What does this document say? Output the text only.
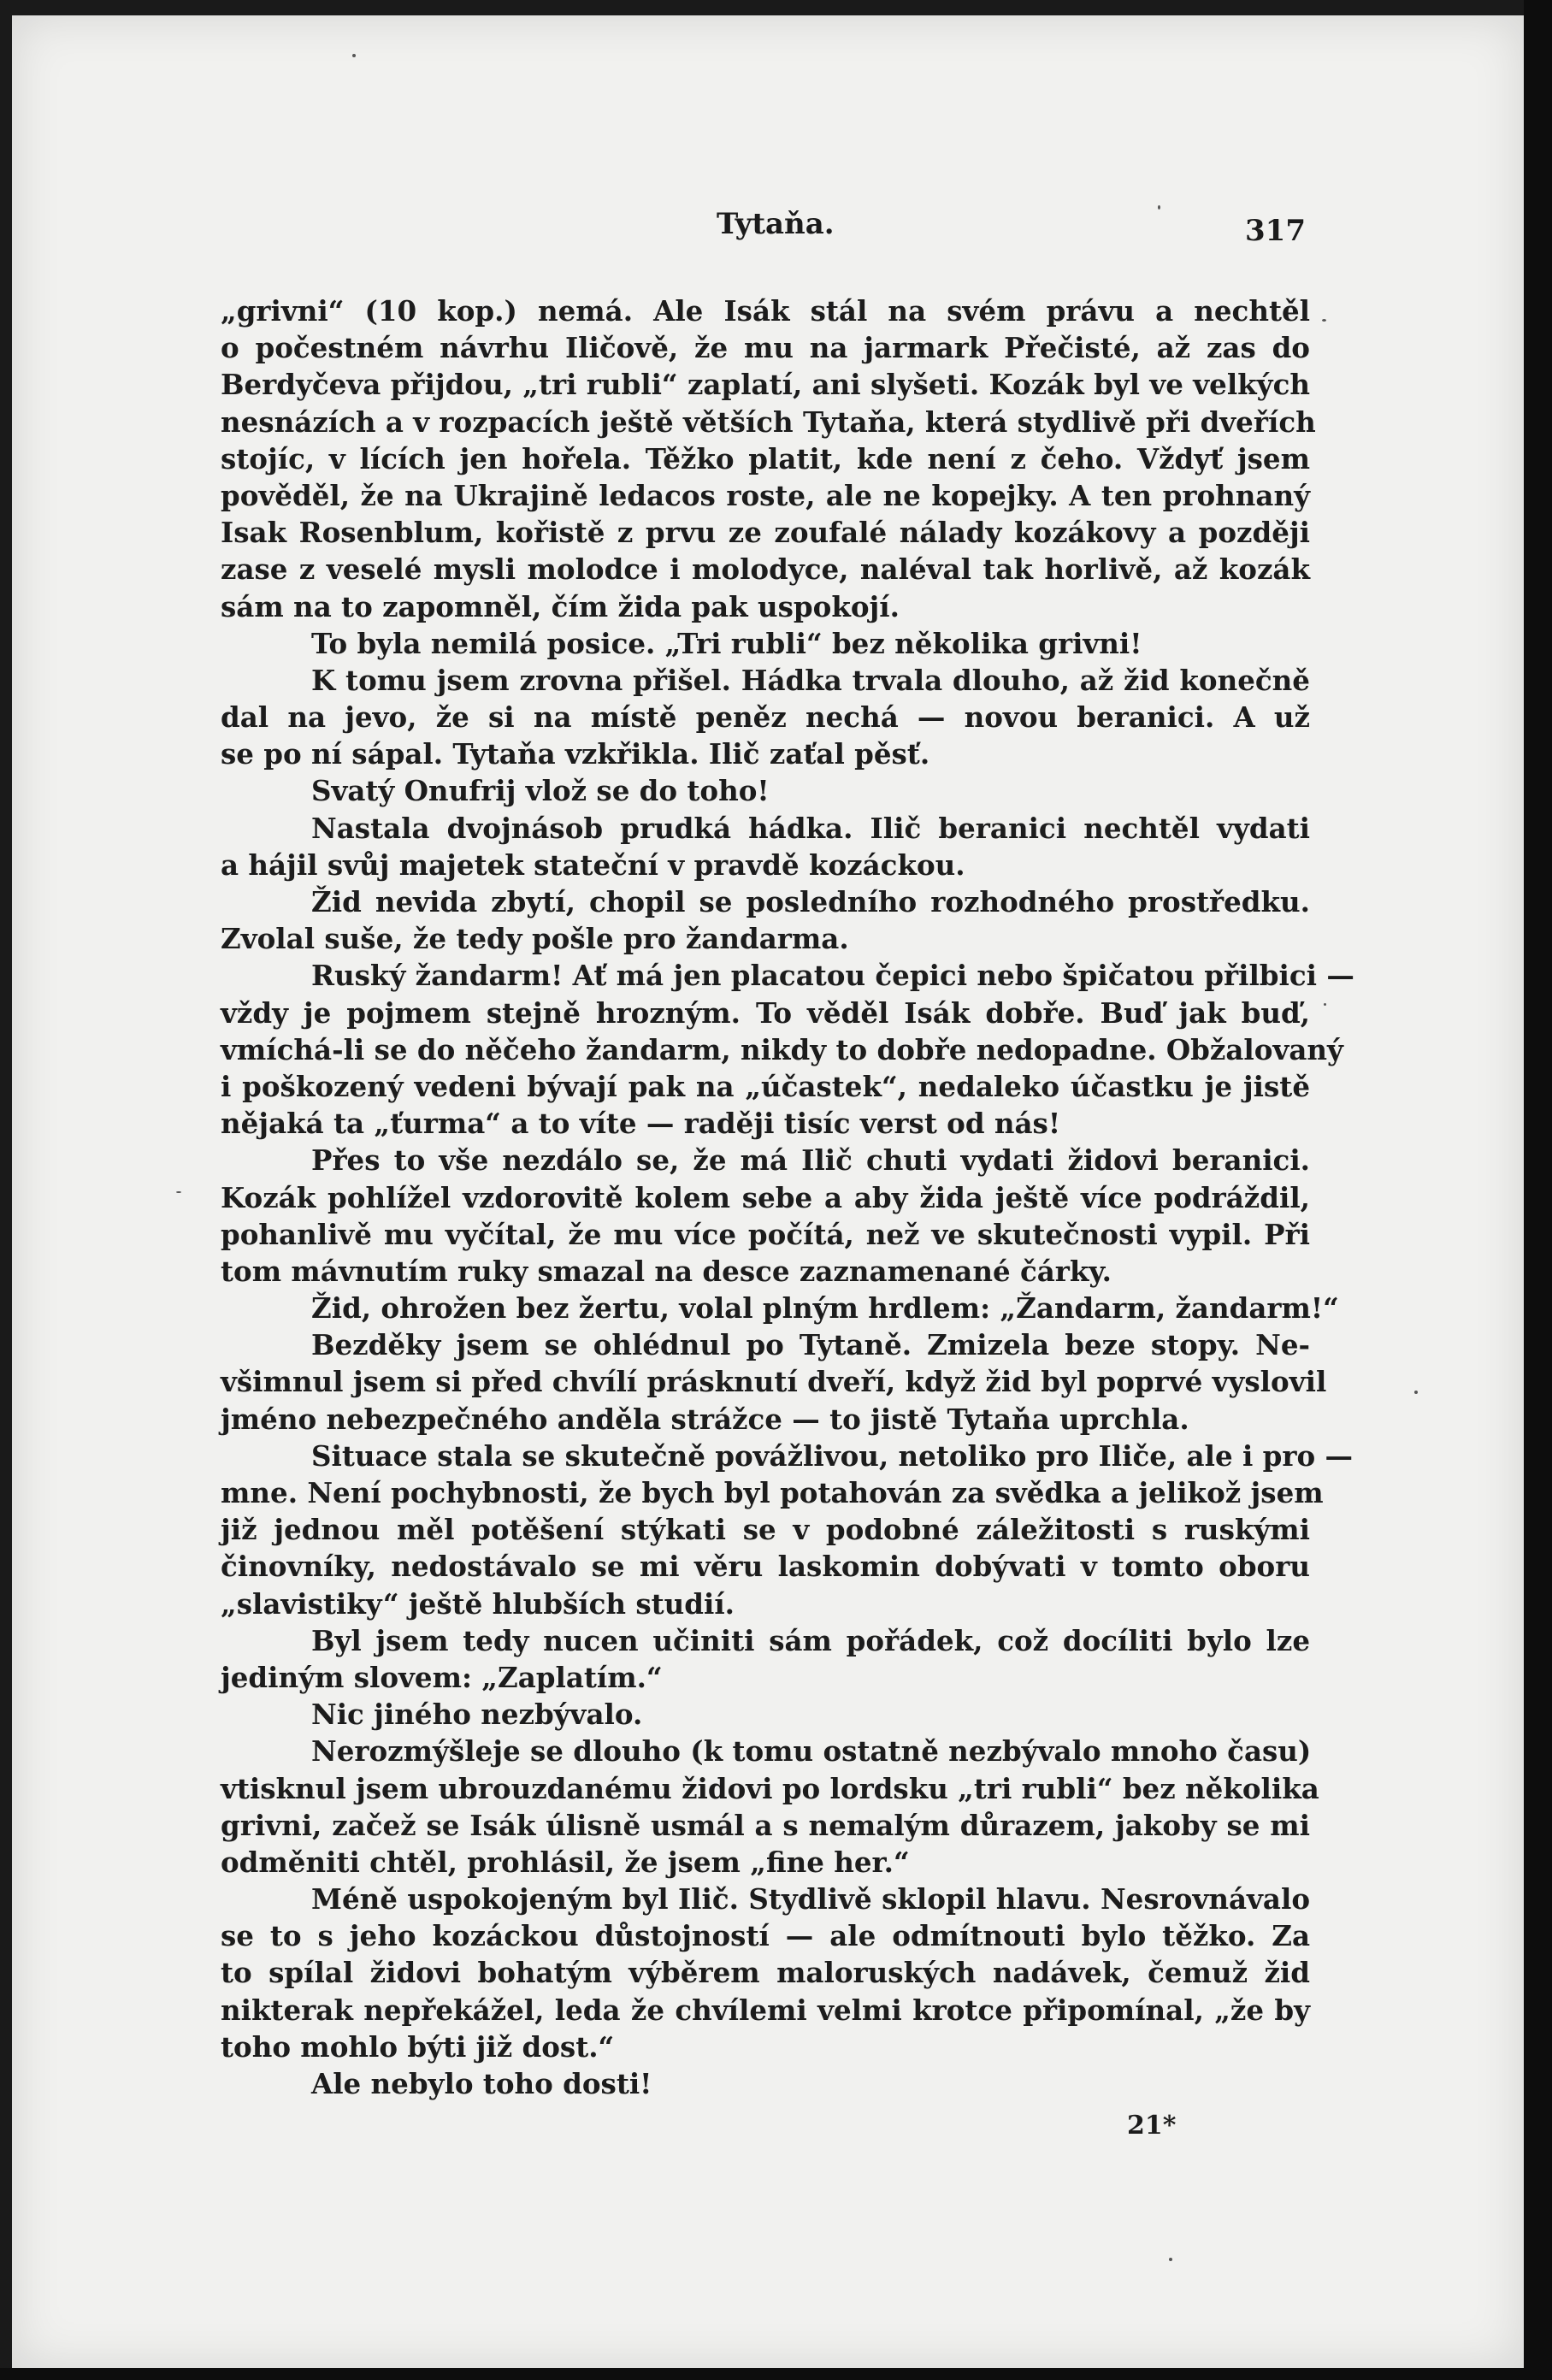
Tytaňa.	317
„grivni“ (10 kop.) nemá. Ale Isák stál na svém právu a nechtěl
o počestném návrhu Iličově, že mu na jarmark Přečisté, až zas do
Berdyčeva přijdou, „tri rubli“ zaplatí, ani slyšeti. Kozák byl ve velkých
nesnázích a v rozpacích ještě větších Tytaňa, která stydlivě při dveřích
stojíc, v lících jen hořela. Těžko platit, kde není z čeho. Vždyť jsem
pověděl, že na Ukrajině ledacos roste, ale ne kopejky. A ten prohnaný
Isak Rosenblum, kořistě z prvu ze zoufalé nálady kozákovy a později
zase z veselé mysli molodce i molodyce, naléval tak horlivě, až kozák
sám na to zapomněl, čím žida pak uspokojí.
To byla nemilá posice. „Tri rubli“ bez několika grivni!
K tomu jsem zrovna přišel. Hádka trvala dlouho, až žid konečně
dal na jevo, že si na místě peněz nechá — novou beranici. A už
se po ní sápal. Tytaňa vzkřikla. Ilič zaťal pěsť.
Svatý Onufrij vlož se do toho!
Nastala dvojnásob prudká hádka. Ilič beranici nechtěl vydati
a hájil svůj majetek stateční v pravdě kozáckou.
Žid nevida zbytí, chopil se posledního rozhodného prostředku.
Zvolal suše, že tedy pošle pro žandarma.
Ruský žandarm! Ať má jen placatou čepici nebo špičatou přilbici —
vždy je pojmem stejně hrozným. To věděl Isák dobře. Buď jak buď,
vmíchá-li se do něčeho žandarm, nikdy to dobře nedopadne. Obžalovaný
i poškozený vedeni bývají pak na „účastek“, nedaleko účastku je jistě
nějaká ta „ťurma“ a to víte — raději tisíc verst od nás!
Přes to vše nezdálo se, že má Ilič chuti vydati židovi beranici.
Kozák pohlížel vzdorovitě kolem sebe a aby žida ještě více podráždil,
pohanlivě mu vyčítal, že mu více počítá, než ve skutečnosti vypil. Při
tom mávnutím ruky smazal na desce zaznamenané čárky.
Žid, ohrožen bez žertu, volal plným hrdlem: „Žandarm, žandarm!“
Bezděky jsem se ohlédnul po Tytaně. Zmizela beze stopy. Ne-
všimnul jsem si před chvílí prásknutí dveří, když žid byl poprvé vyslovil
jméno nebezpečného anděla strážce — to jistě Tytaňa uprchla.
Situace stala se skutečně povážlivou, netoliko pro Iliče, ale i pro —
mne. Není pochybnosti, že bych byl potahován za svědka a jelikož jsem
již jednou měl potěšení stýkati se v podobné záležitosti s ruskými
činovníky, nedostávalo se mi věru laskomin dobývati v tomto oboru
„slavistiky“ ještě hlubších studií.
Byl jsem tedy nucen učiniti sám pořádek, což docíliti bylo lze
jediným slovem: „Zaplatím.“
Nic jiného nezbývalo.
Nerozmýšleje se dlouho (k tomu ostatně nezbývalo mnoho času)
vtisknul jsem ubrouzdanému židovi po lordsku „tri rubli“ bez několika
grivni, začež se Isák úlisně usmál a s nemalým důrazem, jakoby se mi
odměniti chtěl, prohlásil, že jsem „fine her.“
Méně uspokojeným byl Ilič. Stydlivě sklopil hlavu. Nesrovnávalo
se to s jeho kozáckou důstojností — ale odmítnouti bylo těžko. Za
to spílal židovi bohatým výběrem maloruských nadávek, čemuž žid
nikterak nepřekážel, leda že chvílemi velmi krotce připomínal, „že by
toho mohlo býti již dost.“
Ale nebylo toho dosti!
21*
